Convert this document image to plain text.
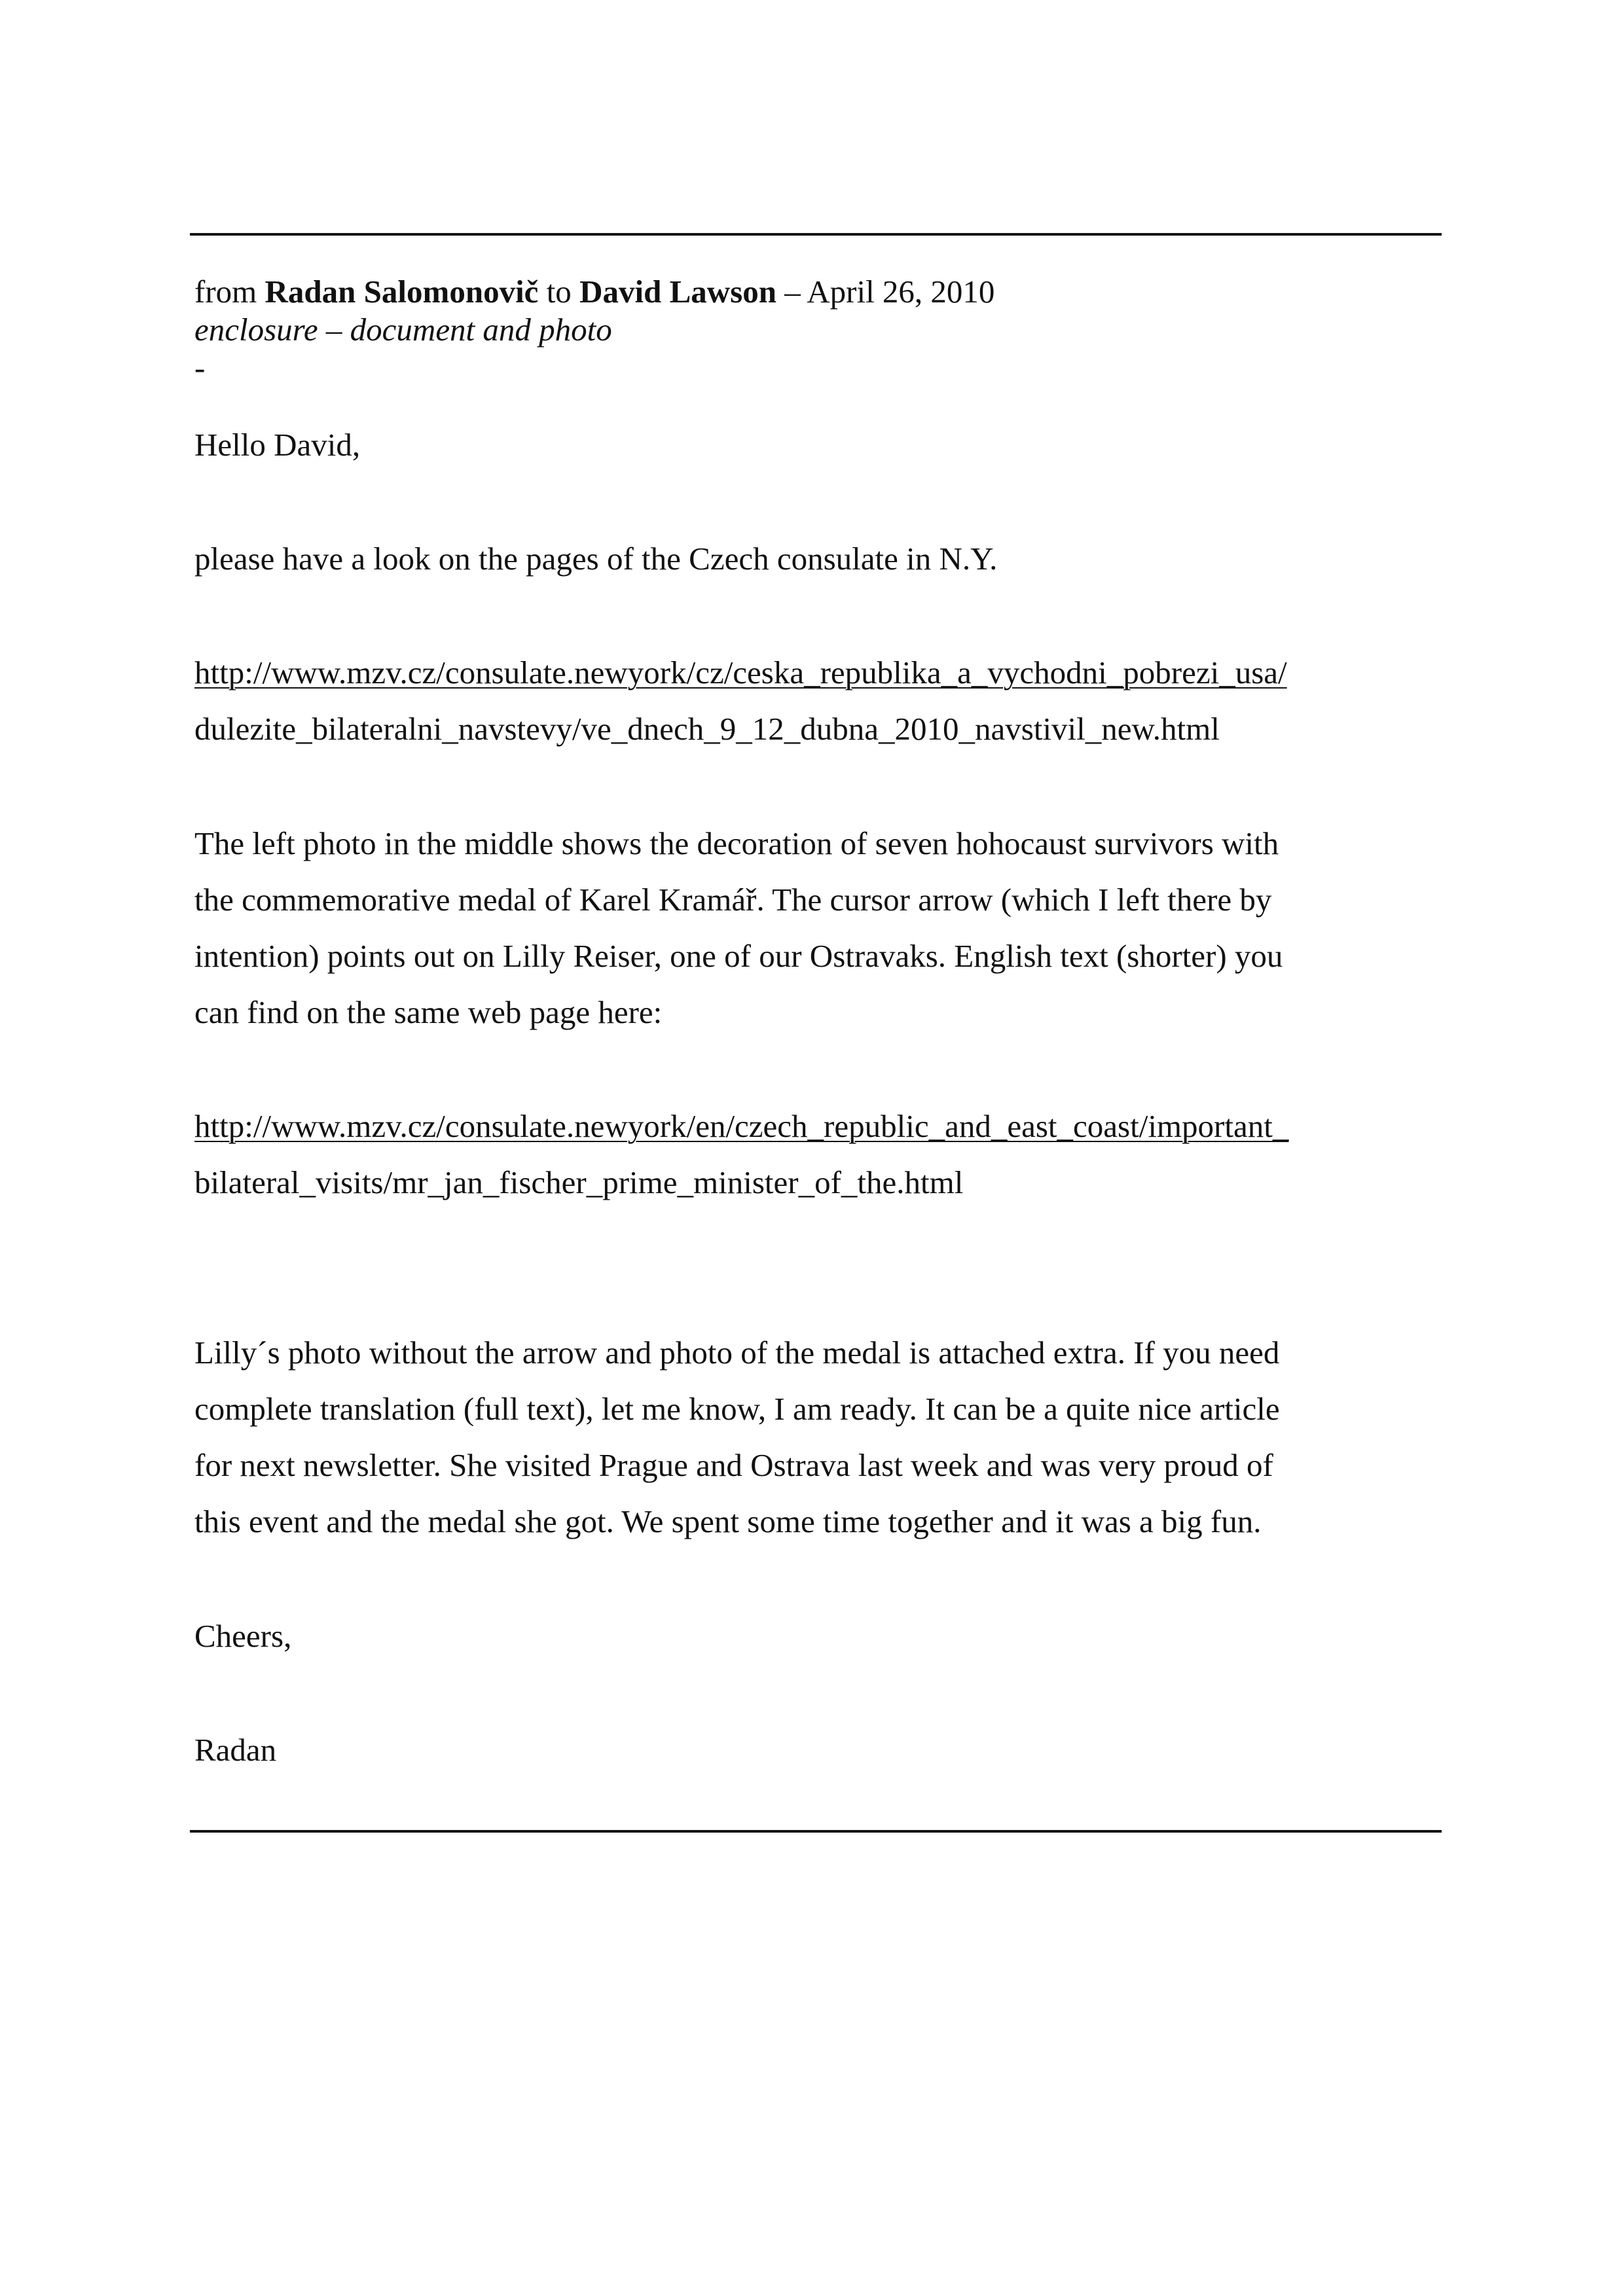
from Radan Salomonovič to David Lawson – April 26, 2010
enclosure – document and photo
-
Hello David,
please have a look on the pages of the Czech consulate in N.Y.
http://www.mzv.cz/consulate.newyork/cz/ceska_republika_a_vychodni_pobrezi_usa/
dulezite_bilateralni_navstevy/ve_dnech_9_12_dubna_2010_navstivil_new.html
The left photo in the middle shows the decoration of seven hohocaust survivors with
the commemorative medal of Karel Kramář. The cursor arrow (which I left there by
intention) points out on Lilly Reiser, one of our Ostravaks. English text (shorter) you
can find on the same web page here:
http://www.mzv.cz/consulate.newyork/en/czech_republic_and_east_coast/important_
bilateral_visits/mr_jan_fischer_prime_minister_of_the.html
Lilly´s photo without the arrow and photo of the medal is attached extra. If you need
complete translation (full text), let me know, I am ready. It can be a quite nice article
for next newsletter. She visited Prague and Ostrava last week and was very proud of
this event and the medal she got. We spent some time together and it was a big fun.
Cheers,
Radan
